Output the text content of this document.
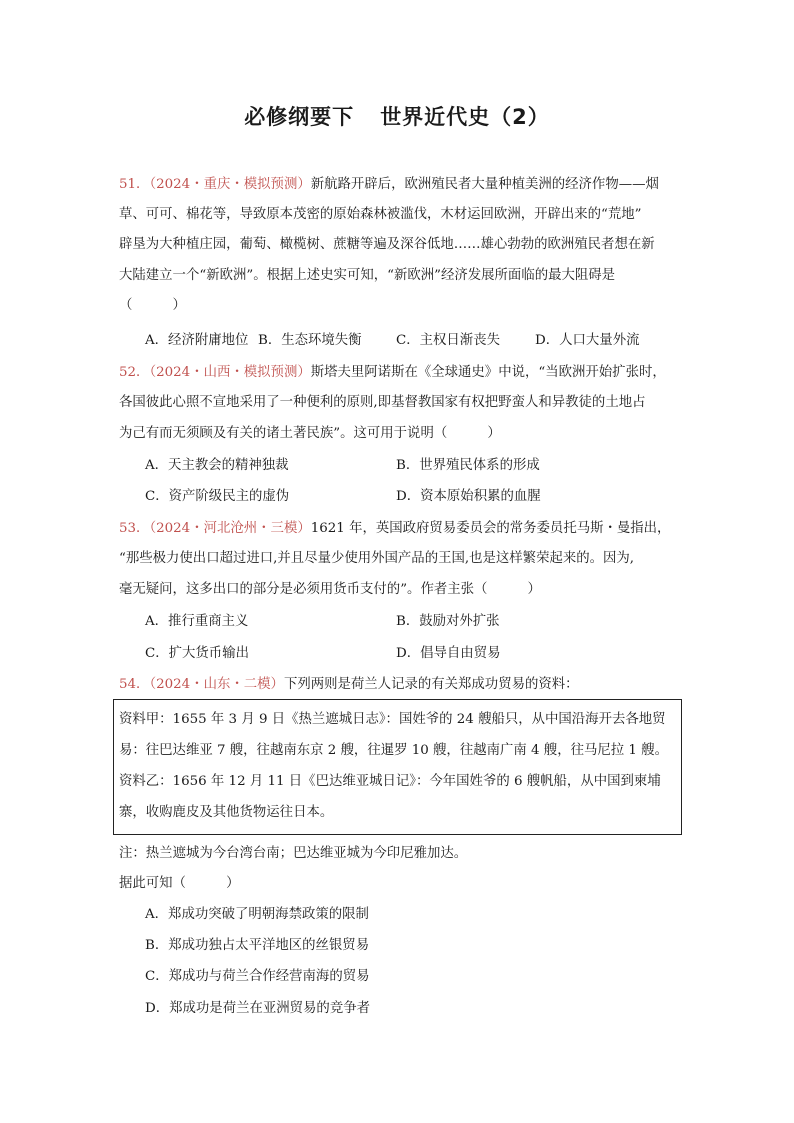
必修纲要下 世界近代史（2）
51．（2024・重庆・模拟预测）新航路开辟后，欧洲殖民者大量种植美洲的经济作物——烟
草、可可、棉花等，导致原本茂密的原始森林被滥伐，木材运回欧洲，开辟出来的“荒地”
辟垦为大种植庄园，葡萄、橄榄树、蔗糖等遍及深谷低地……雄心勃勃的欧洲殖民者想在新
大陆建立一个“新欧洲”。根据上述史实可知，“新欧洲”经济发展所面临的最大阻碍是
（　　　）
A．经济附庸地位 B．生态环境失衡	C．主权日渐丧失	D．人口大量外流
52．（2024・山西・模拟预测）斯塔夫里阿诺斯在《全球通史》中说，“当欧洲开始扩张时，
各国彼此心照不宣地采用了一种便利的原则,即基督教国家有权把野蛮人和异教徒的土地占
为己有而无须顾及有关的诸土著民族”。这可用于说明（　　　）
A．天主教会的精神独裁	B．世界殖民体系的形成
C．资产阶级民主的虚伪	D．资本原始积累的血腥
53．（2024・河北沧州・三模）1621 年，英国政府贸易委员会的常务委员托马斯・曼指出，
“那些极力使出口超过进口,并且尽量少使用外国产品的王国,也是这样繁荣起来的。因为,
毫无疑问，这多出口的部分是必须用货币支付的”。作者主张（　　　）
A．推行重商主义	B．鼓励对外扩张
C．扩大货币输出	D．倡导自由贸易
54．（2024・山东・二模）下列两则是荷兰人记录的有关郑成功贸易的资料：
资料甲：1655 年 3 月 9 日《热兰遮城日志》：国姓爷的 24 艘船只，从中国沿海开去各地贸
易：往巴达维亚 7 艘，往越南东京 2 艘，往暹罗 10 艘，往越南广南 4 艘，往马尼拉 1 艘。
资料乙：1656 年 12 月 11 日《巴达维亚城日记》：今年国姓爷的 6 艘帆船，从中国到柬埔
寨，收购鹿皮及其他货物运往日本。
注：热兰遮城为今台湾台南；巴达维亚城为今印尼雅加达。
据此可知（　　　）
A．郑成功突破了明朝海禁政策的限制
B．郑成功独占太平洋地区的丝银贸易
C．郑成功与荷兰合作经营南海的贸易
D．郑成功是荷兰在亚洲贸易的竞争者
